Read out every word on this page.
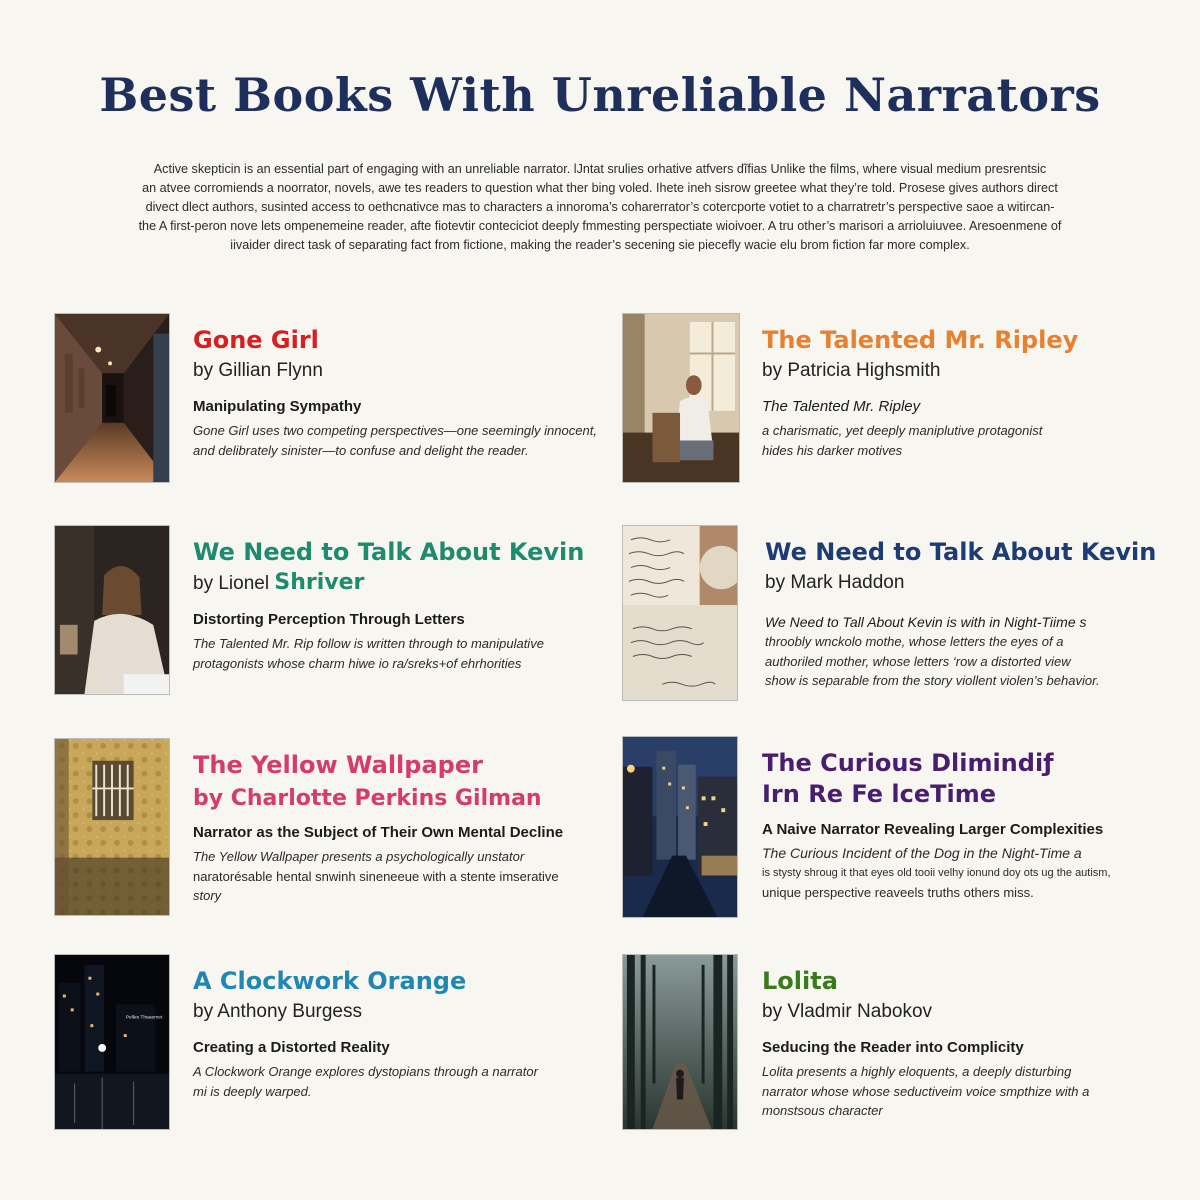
Best Books With Unreliable Narrators

Active skepticin is an essential part of engaging with an unreliable narrator. lJntat srulies orhative atfvers dĩfias Unlike the films, where visual medium presrentsic

an atvee corromiends a noorrator, novels, awe tes readers to question what ther bing voled. Ihete ineh sisrow greetee what they’re told. Prosese gives authors direct

divect dlect authors, susinted access to oethcnativce mas to characters a innoroma’s coharerrator’s cotercporte votiet to a charratretr’s perspective saoe a witircan-

the A first-peron nove lets ompenemeine reader, afte fiotevtir conteciciot deeply fmmesting perspectiate wioivoer. A tru other’s marisori a arrioluiuvee. Aresoenmene of

iivaider direct task of separating fact from fictione, making the reader’s secening sie piecefly wacie elu brom fiction far more complex.

Gone Girl
by Gillian Flynn
Manipulating Sympathy
Gone Girl uses two competing perspectives—one seemingly innocent,
and delibrately sinister—to confuse and delight the reader.
The Talented Mr. Ripley
by Patricia Highsmith
The Talented Mr. Ripley
a charismatic, yet deeply maniplutive protagonist
hides his darker motives
We Need to Talk About Kevin
by Lionel Shriver
Distorting Perception Through Letters
The Talented Mr. Rip follow is written through to manipulative
protagonists whose charm hiwe io ra/sreks+of ehrhorities
We Need to Talk About Kevin
by Mark Haddon
We Need to Tall About Kevin is with in Night-Tiime s
throobly wnckolo mothe, whose letters the eyes of a
authoriled mother, whose letters ‘row a distorted view
show is separable from the story viollent violen’s behavior.
The Yellow Wallpaper
by Charlotte Perkins Gilman
Narrator as the Subject of Their Own Mental Decline
The Yellow Wallpaper presents a psychologically unstator
naratorésable hental snwinh sineneeue with a stente imserative
story
The Curious Dlimindiƒ
Irn Re Fe lceTime
A Naive Narrator Revealing Larger Complexities
The Curious Incident of the Dog in the Night-Time a
is stysty shroug it that eyes old tooii velhy ionund doy ots ug the autism,
unique perspective reaveels truths others miss.
Pelles Thaaemet
A Clockwork Orange
by Anthony Burgess
Creating a Distorted Reality
A Clockwork Orange explores dystopians through a narrator
mi is deeply warped.
Lolita
by Vladmir Nabokov
Seducing the Reader into Complicity
Lolita presents a highly eloquents, a deeply disturbing
narrator whose whose seductiveim voice smpthize with a
monstsous character
